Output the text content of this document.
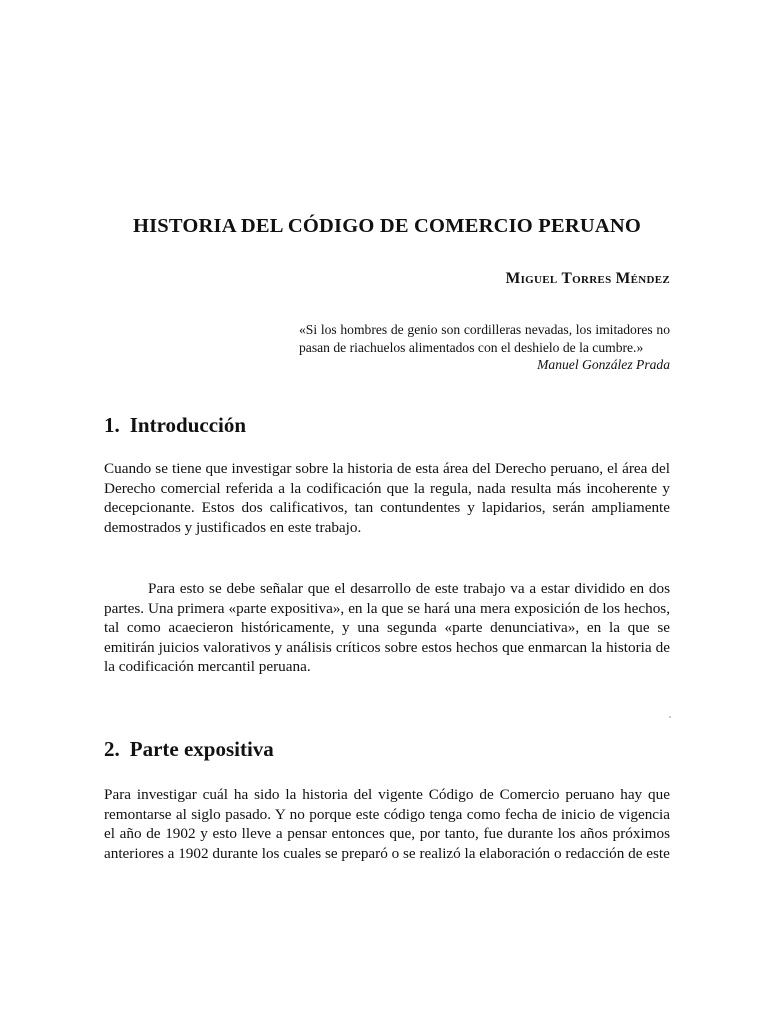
HISTORIA DEL CÓDIGO DE COMERCIO PERUANO
Miguel Torres Méndez

«Si los hombres de genio son cordilleras nevadas, los imitadores no pasan de riachuelos alimentados con el deshielo de la cumbre.»

Manuel González Prada

1. Introducción

Cuando se tiene que investigar sobre la historia de esta área del Derecho peruano, el área del Derecho comercial referida a la codificación que la regula, nada resulta más incoherente y decepcionante. Estos dos calificativos, tan contundentes y lapidarios, serán ampliamente demostrados y justificados en este trabajo.

Para esto se debe señalar que el desarrollo de este trabajo va a estar dividido en dos partes. Una primera «parte expositiva», en la que se hará una mera exposición de los hechos, tal como acaecieron históricamente, y una segunda «parte denunciativa», en la que se emitirán juicios valorativos y análisis críticos sobre estos hechos que enmarcan la historia de la codificación mercantil peruana.

2. Parte expositiva

Para investigar cuál ha sido la historia del vigente Código de Comercio peruano hay que remontarse al siglo pasado. Y no porque este código tenga como fecha de inicio de vigencia el año de 1902 y esto lleve a pensar entonces que, por tanto, fue durante los años próximos anteriores a 1902 durante los cuales se preparó o se realizó la elaboración o redacción de este
